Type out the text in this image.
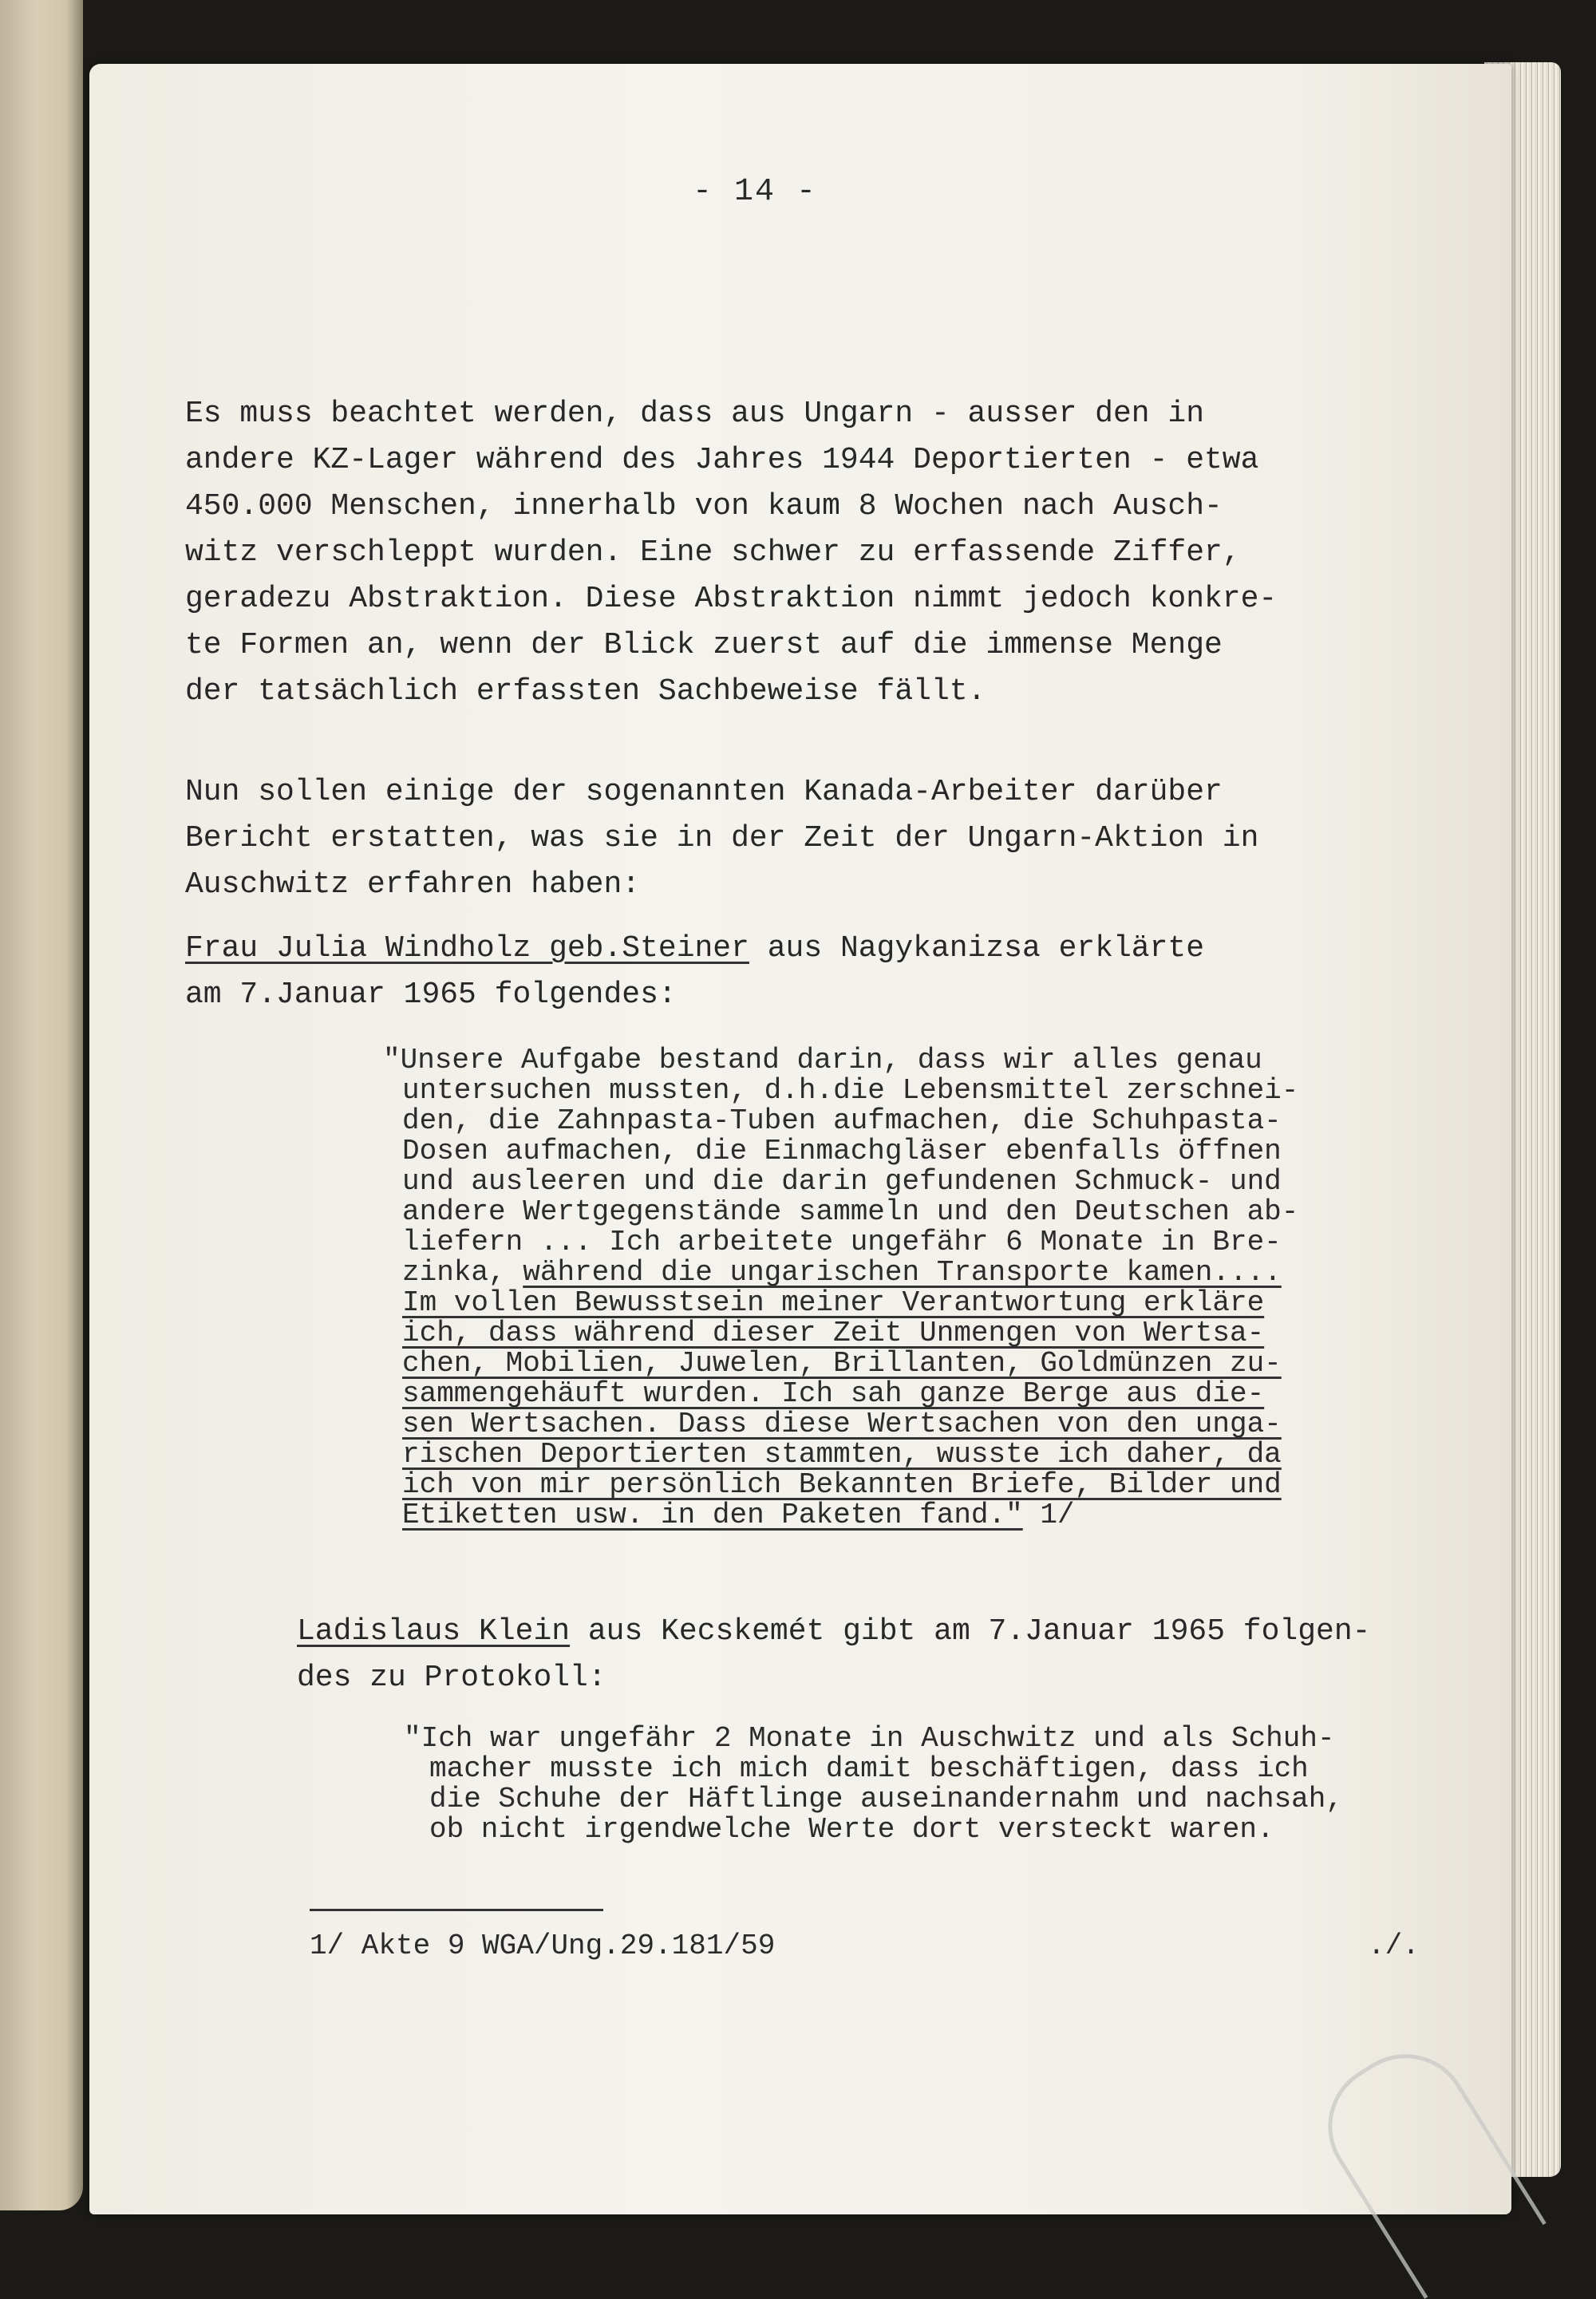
- 14 -
Es muss beachtet werden, dass aus Ungarn - ausser den in
andere KZ-Lager während des Jahres 1944 Deportierten - etwa
450.000 Menschen, innerhalb von kaum 8 Wochen nach Ausch-
witz verschleppt wurden. Eine schwer zu erfassende Ziffer,
geradezu Abstraktion. Diese Abstraktion nimmt jedoch konkre-
te Formen an, wenn der Blick zuerst auf die immense Menge
der tatsächlich erfassten Sachbeweise fällt.
Nun sollen einige der sogenannten Kanada-Arbeiter darüber
Bericht erstatten, was sie in der Zeit der Ungarn-Aktion in
Auschwitz erfahren haben:
Frau Julia Windholz geb.Steiner aus Nagykanizsa erklärte
am 7.Januar 1965 folgendes:
"Unsere Aufgabe bestand darin, dass wir alles genau
untersuchen mussten, d.h.die Lebensmittel zerschnei-
den, die Zahnpasta-Tuben aufmachen, die Schuhpasta-
Dosen aufmachen, die Einmachgläser ebenfalls öffnen
und ausleeren und die darin gefundenen Schmuck- und
andere Wertgegenstände sammeln und den Deutschen ab-
liefern ... Ich arbeitete ungefähr 6 Monate in Bre-
zinka, während die ungarischen Transporte kamen....
Im vollen Bewusstsein meiner Verantwortung erkläre
ich, dass während dieser Zeit Unmengen von Wertsa-
chen, Mobilien, Juwelen, Brillanten, Goldmünzen zu-
sammengehäuft wurden. Ich sah ganze Berge aus die-
sen Wertsachen. Dass diese Wertsachen von den unga-
rischen Deportierten stammten, wusste ich daher, da
ich von mir persönlich Bekannten Briefe, Bilder und
Etiketten usw. in den Paketen fand." 1/
Ladislaus Klein aus Kecskemét gibt am 7.Januar 1965 folgen-
des zu Protokoll:
"Ich war ungefähr 2 Monate in Auschwitz und als Schuh-
macher musste ich mich damit beschäftigen, dass ich
die Schuhe der Häftlinge auseinandernahm und nachsah,
ob nicht irgendwelche Werte dort versteckt waren.
1/ Akte 9 WGA/Ung.29.181/59	./.
